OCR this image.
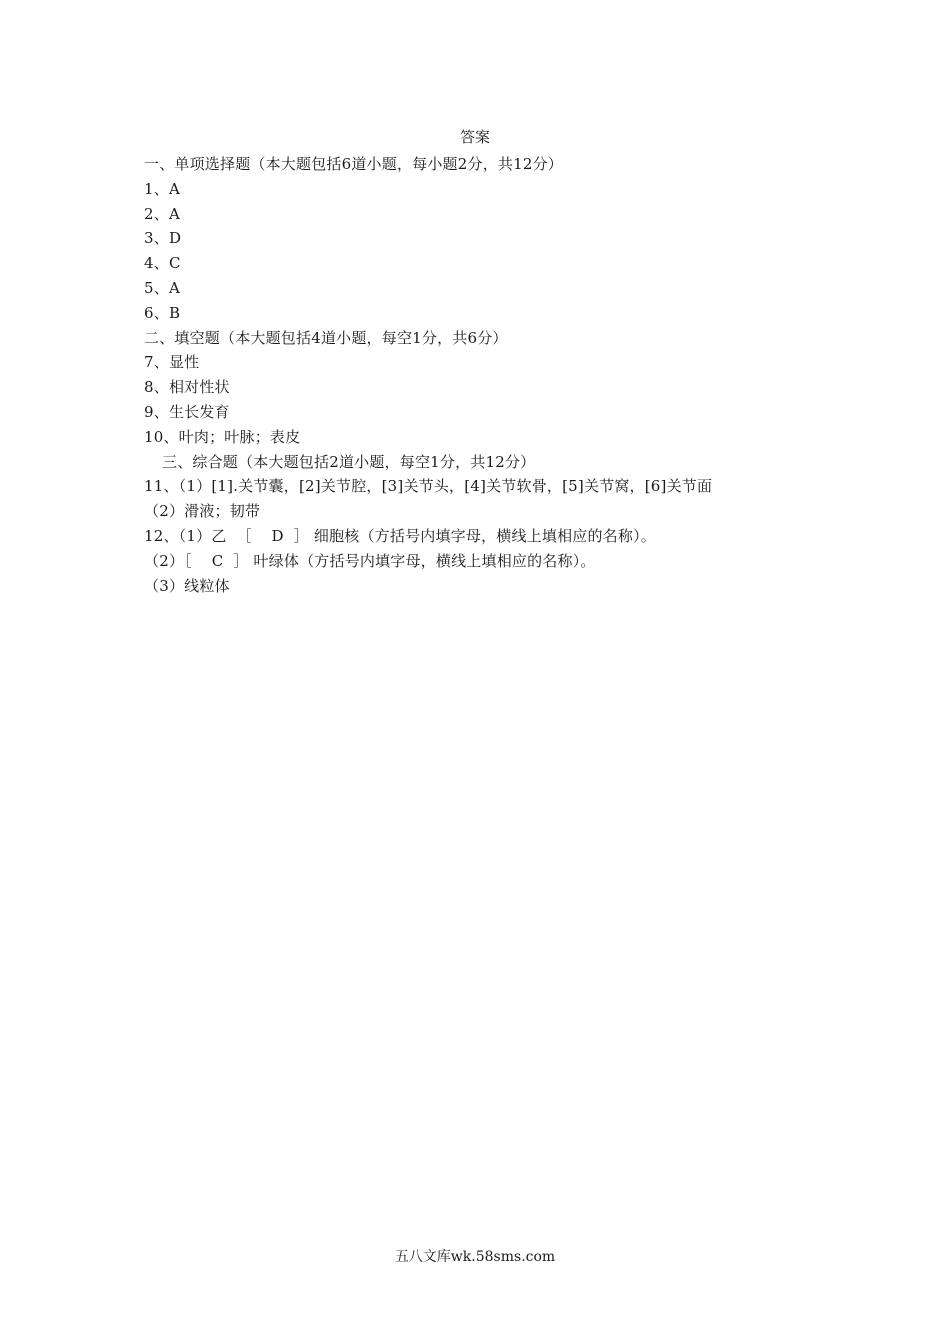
答案
一、单项选择题（本大题包括6道小题，每小题2分，共12分）
1、A
2、A
3、D
4、C
5、A
6、B
二、填空题（本大题包括4道小题，每空1分，共6分）
7、显性
8、相对性状
9、生长发育
10、叶肉；叶脉；表皮
三、综合题（本大题包括2道小题，每空1分，共12分）
11、（1）[1].关节囊，[2]关节腔，[3]关节头，[4]关节软骨，[5]关节窝，[6]关节面
（2）滑液；韧带
12、（1）乙  ［    D  ］ 细胞核（方括号内填字母，横线上填相应的名称）。
（2）［    C  ］ 叶绿体（方括号内填字母，横线上填相应的名称）。
（3）线粒体
五八文库wk.58sms.com
